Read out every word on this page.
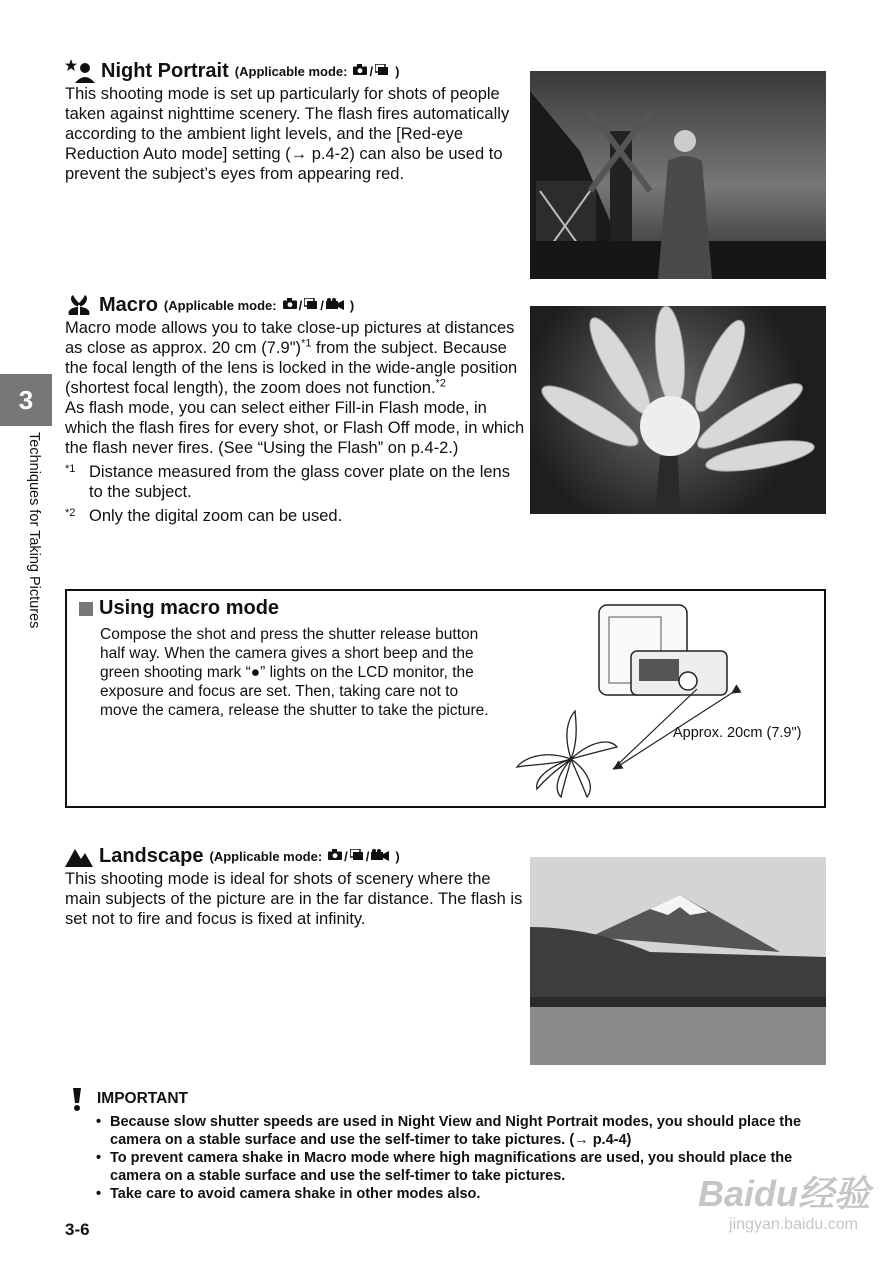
3
Techniques for Taking Pictures
Night Portrait (Applicable mode: / )
This shooting mode is set up particularly for shots of people taken against nighttime scenery. The flash fires automatically according to the ambient light levels, and the [Red-eye Reduction Auto mode] setting (→ p.4-2) can also be used to prevent the subject’s eyes from appearing red.
Macro (Applicable mode: / / )
Macro mode allows you to take close-up pictures at distances as close as approx. 20 cm (7.9")$^{*1}$ from the subject. Because the focal length of the lens is locked in the wide-angle position (shortest focal length), the zoom does not function.$^{*2}$
As flash mode, you can select either Fill-in Flash mode, in which the flash fires for every shot, or Flash Off mode, in which the flash never fires. (See “Using the Flash” on p.4-2.)
*1 Distance measured from the glass cover plate on the lens to the subject.
*2 Only the digital zoom can be used.
Using macro mode
Compose the shot and press the shutter release button half way. When the camera gives a short beep and the green shooting mark “●” lights on the LCD monitor, the exposure and focus are set. Then, taking care not to move the camera, release the shutter to take the picture.
Approx. 20cm (7.9")
Landscape (Applicable mode: / / )
This shooting mode is ideal for shots of scenery where the main subjects of the picture are in the far distance. The flash is set not to fire and focus is fixed at infinity.
IMPORTANT
• Because slow shutter speeds are used in Night View and Night Portrait modes, you should place the camera on a stable surface and use the self-timer to take pictures. (→ p.4-4)
• To prevent camera shake in Macro mode where high magnifications are used, you should place the camera on a stable surface and use the self-timer to take pictures.
• Take care to avoid camera shake in other modes also.
3-6
Baidu经验
jingyan.baidu.com
